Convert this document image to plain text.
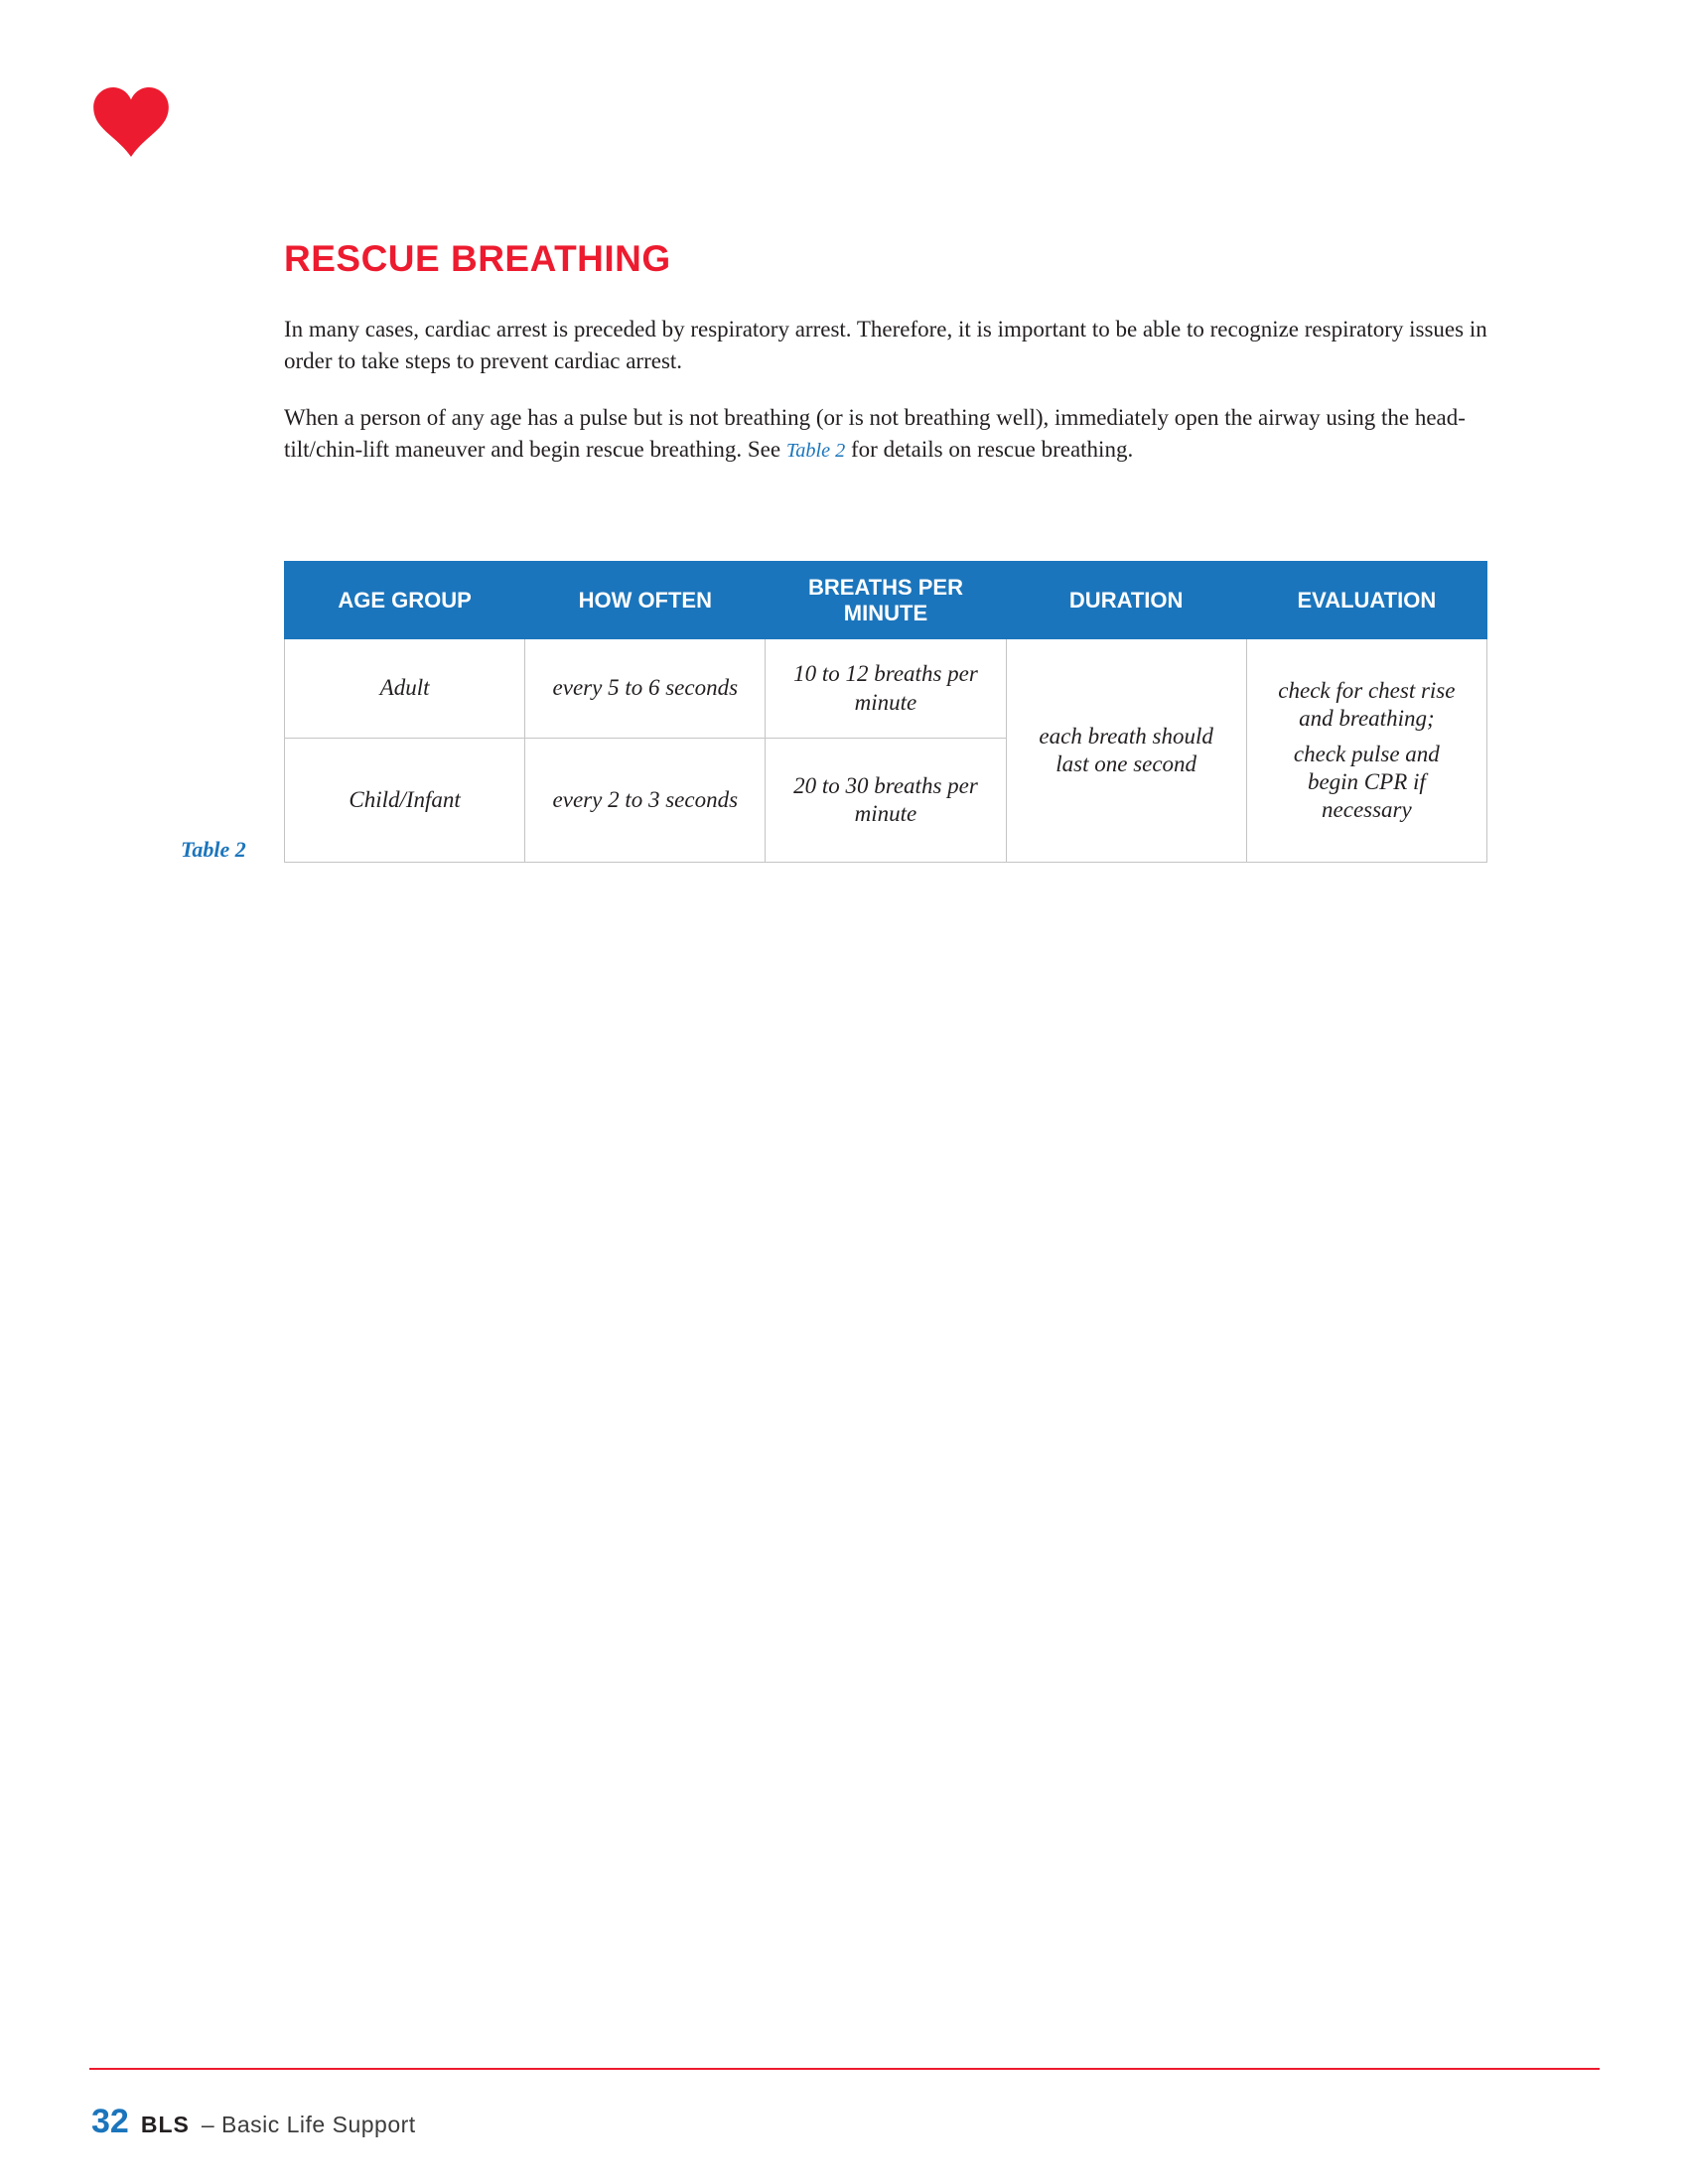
RESCUE BREATHING

In many cases, cardiac arrest is preceded by respiratory arrest. Therefore, it is important to be able to recognize respiratory issues in order to take steps to prevent cardiac arrest.

When a person of any age has a pulse but is not breathing (or is not breathing well), immediately open the airway using the head-tilt/chin-lift maneuver and begin rescue breathing. See Table 2 for details on rescue breathing.

AGE GROUP	HOW OFTEN	BREATHS PER MINUTE	DURATION	EVALUATION
Adult	every 5 to 6 seconds	10 to 12 breaths per minute	each breath should last one second	check for chest rise and breathing;
check pulse and begin CPR if necessary

Child/Infant	every 2 to 3 seconds	20 to 30 breaths per minute		
Table 2
32 BLS – Basic Life Support
